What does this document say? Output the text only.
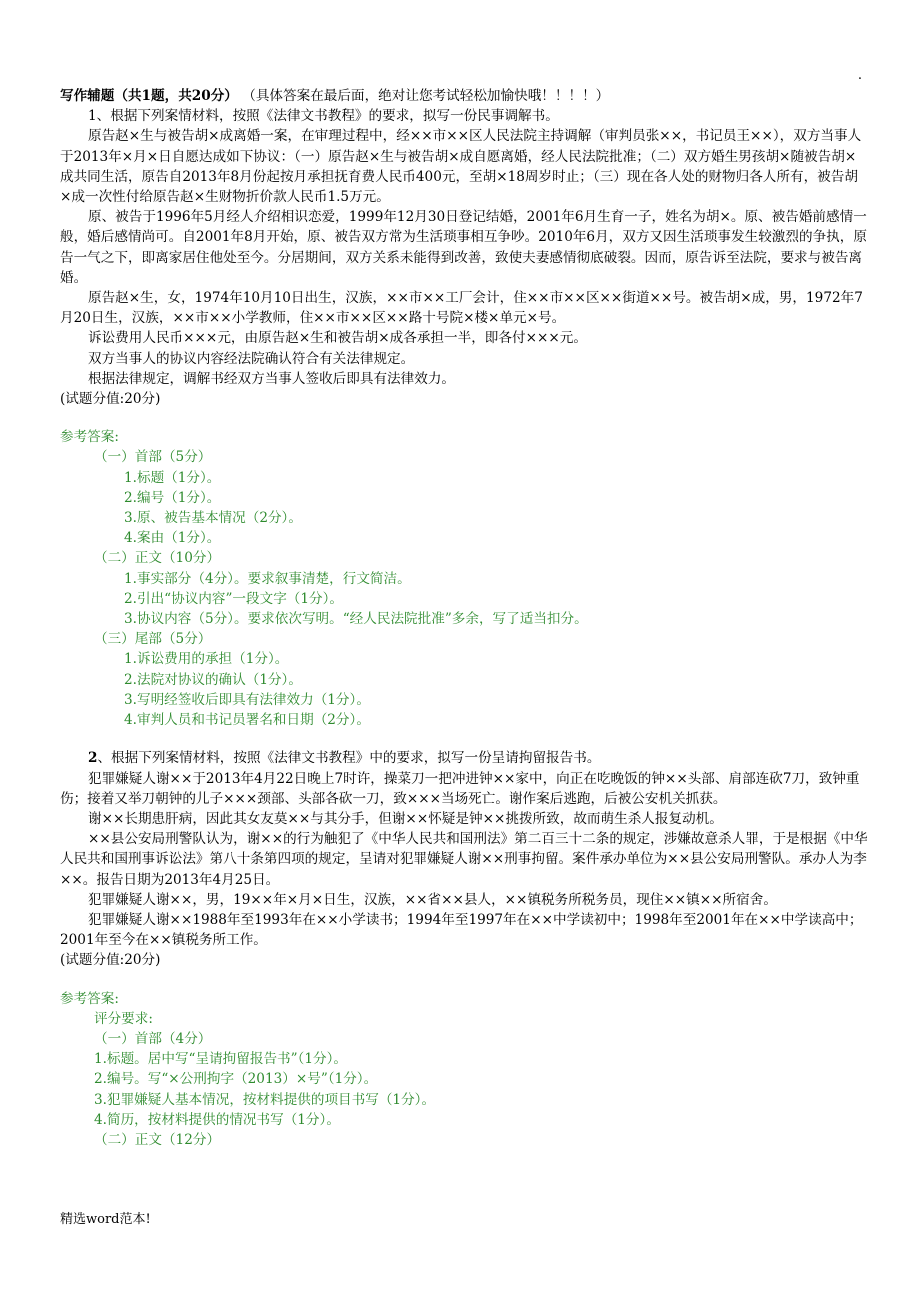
.

写作辅题（共1题，共20分） （具体答案在最后面，绝对让您考试轻松加愉快哦！！！！）

1、根据下列案情材料，按照《法律文书教程》的要求，拟写一份民事调解书。

原告赵×生与被告胡×成离婚一案，在审理过程中，经××市××区人民法院主持调解（审判员张××，书记员王××），双方当事人于2013年×月×日自愿达成如下协议：（一）原告赵×生与被告胡×成自愿离婚，经人民法院批准；（二）双方婚生男孩胡×随被告胡×成共同生活，原告自2013年8月份起按月承担抚育费人民币400元，至胡×18周岁时止；（三）现在各人处的财物归各人所有，被告胡×成一次性付给原告赵×生财物折价款人民币1.5万元。

原、被告于1996年5月经人介绍相识恋爱，1999年12月30日登记结婚，2001年6月生育一子，姓名为胡×。原、被告婚前感情一般，婚后感情尚可。自2001年8月开始，原、被告双方常为生活琐事相互争吵。2010年6月，双方又因生活琐事发生较激烈的争执，原告一气之下，即离家居住他处至今。分居期间，双方关系未能得到改善，致使夫妻感情彻底破裂。因而，原告诉至法院，要求与被告离婚。

原告赵×生，女，1974年10月10日出生，汉族，××市××工厂会计，住××市××区××街道××号。被告胡×成，男，1972年7月20日生，汉族，××市××小学教师，住××市××区××路十号院×楼×单元×号。

诉讼费用人民币×××元，由原告赵×生和被告胡×成各承担一半，即各付×××元。

双方当事人的协议内容经法院确认符合有关法律规定。

根据法律规定，调解书经双方当事人签收后即具有法律效力。

(试题分值:20分)

参考答案:

（一）首部（5分）

1.标题（1分）。

2.编号（1分）。

3.原、被告基本情况（2分）。

4.案由（1分）。

（二）正文（10分）

1.事实部分（4分）。要求叙事清楚，行文简洁。

2.引出“协议内容”一段文字（1分）。

3.协议内容（5分）。要求依次写明。“经人民法院批准”多余，写了适当扣分。

（三）尾部（5分）

1.诉讼费用的承担（1分）。

2.法院对协议的确认（1分）。

3.写明经签收后即具有法律效力（1分）。

4.审判人员和书记员署名和日期（2分）。

2、根据下列案情材料，按照《法律文书教程》中的要求，拟写一份呈请拘留报告书。

犯罪嫌疑人谢××于2013年4月22日晚上7时许，操菜刀一把冲进钟××家中，向正在吃晚饭的钟××头部、肩部连砍7刀，致钟重伤；接着又举刀朝钟的儿子×××颈部、头部各砍一刀，致×××当场死亡。谢作案后逃跑，后被公安机关抓获。

谢××长期患肝病，因此其女友莫××与其分手，但谢××怀疑是钟××挑拨所致，故而萌生杀人报复动机。

××县公安局刑警队认为，谢××的行为触犯了《中华人民共和国刑法》第二百三十二条的规定，涉嫌故意杀人罪，于是根据《中华人民共和国刑事诉讼法》第八十条第四项的规定，呈请对犯罪嫌疑人谢××刑事拘留。案件承办单位为××县公安局刑警队。承办人为李××。报告日期为2013年4月25日。

犯罪嫌疑人谢××，男，19××年×月×日生，汉族，××省××县人，××镇税务所税务员，现住××镇××所宿舍。

犯罪嫌疑人谢××1988年至1993年在××小学读书；1994年至1997年在××中学读初中；1998年至2001年在××中学读高中；2001年至今在××镇税务所工作。

(试题分值:20分)

参考答案:

评分要求:

（一）首部（4分）

1.标题。居中写“呈请拘留报告书”（1分）。

2.编号。写“×公刑拘字（2013）×号”（1分）。

3.犯罪嫌疑人基本情况，按材料提供的项目书写（1分）。

4.简历，按材料提供的情况书写（1分）。

（二）正文（12分）

精选word范本!
